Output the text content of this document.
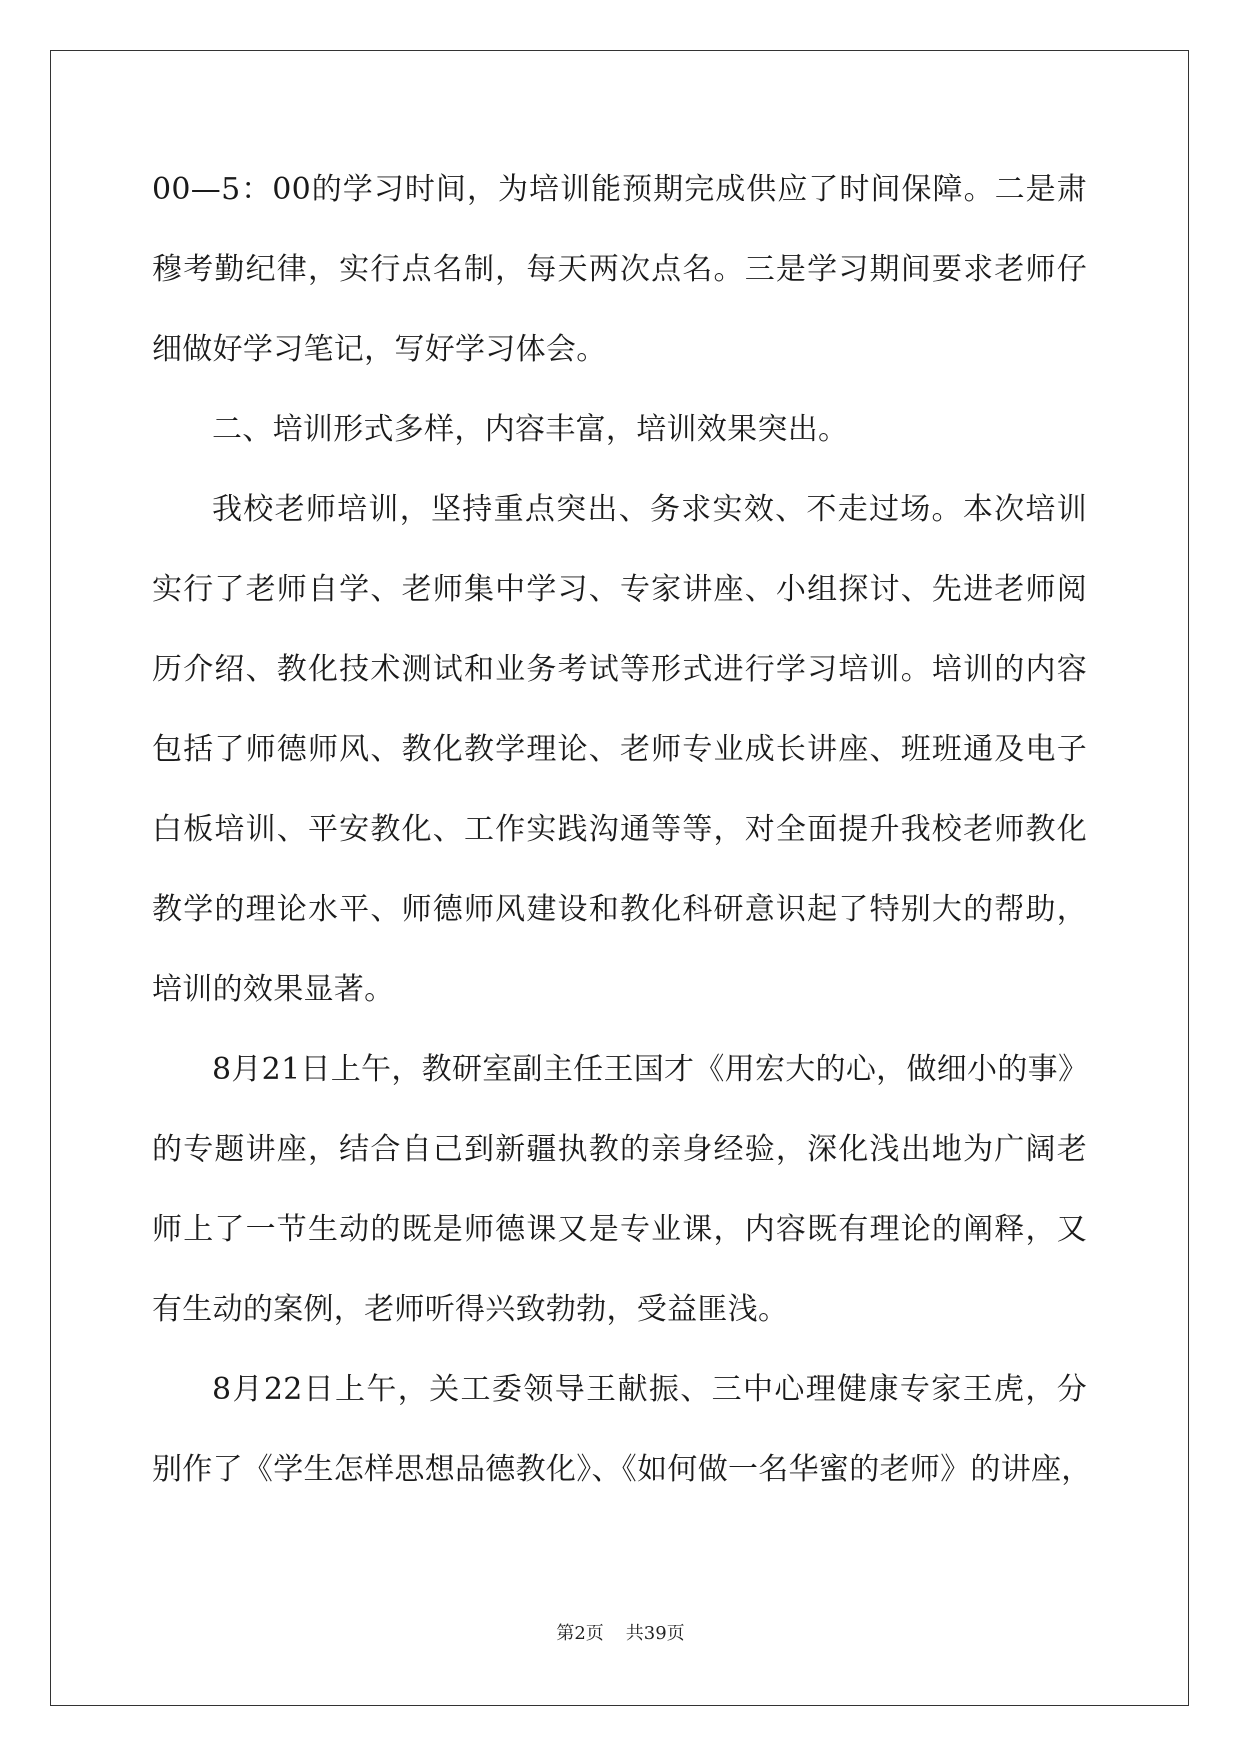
00—5：00的学习时间，为培训能预期完成供应了时间保障。二是肃
穆考勤纪律，实行点名制，每天两次点名。三是学习期间要求老师仔
细做好学习笔记，写好学习体会。
二、培训形式多样，内容丰富，培训效果突出。
我校老师培训，坚持重点突出、务求实效、不走过场。本次培训
实行了老师自学、老师集中学习、专家讲座、小组探讨、先进老师阅
历介绍、教化技术测试和业务考试等形式进行学习培训。培训的内容
包括了师德师风、教化教学理论、老师专业成长讲座、班班通及电子
白板培训、平安教化、工作实践沟通等等，对全面提升我校老师教化
教学的理论水平、师德师风建设和教化科研意识起了特别大的帮助，
培训的效果显著。
8月21日上午，教研室副主任王国才《用宏大的心，做细小的事》
的专题讲座，结合自己到新疆执教的亲身经验，深化浅出地为广阔老
师上了一节生动的既是师德课又是专业课，内容既有理论的阐释，又
有生动的案例，老师听得兴致勃勃，受益匪浅。
8月22日上午，关工委领导王献振、三中心理健康专家王虎，分
别作了《学生怎样思想品德教化》、《如何做一名华蜜的老师》的讲座，
第2页 共39页
